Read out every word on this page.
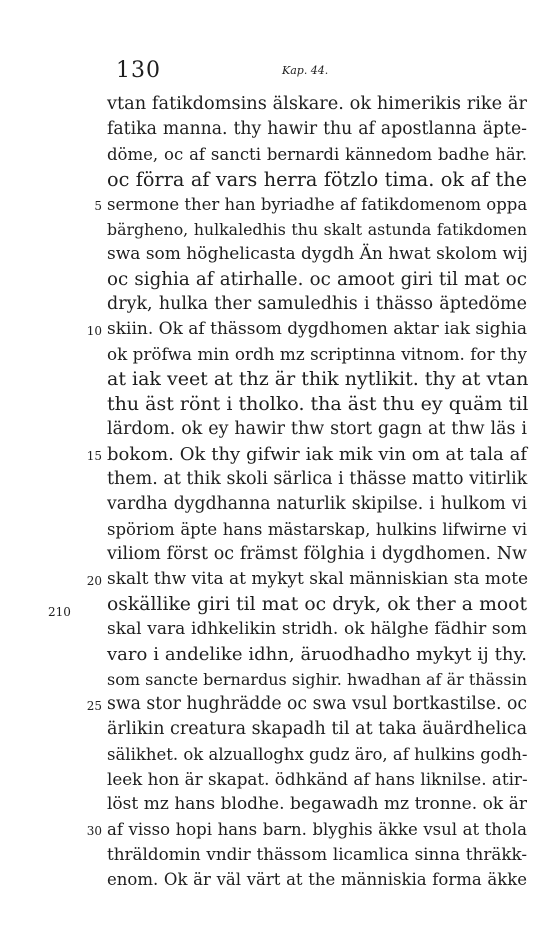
130	Kap. 44.
210
5
10
15
20
25
30
vtan fatikdomsins älskare. ok himerikis rike är
fatika manna. thy hawir thu af apostlanna äpte-
döme, oc af sancti bernardi kännedom badhe här.
oc förra af vars herra fötzlo tima. ok af the
sermone ther han byriadhe af fatikdomenom oppa
bärgheno, hulkaledhis thu skalt astunda fatikdomen
swa som höghelicasta dygdh Än hwat skolom wij
oc sighia af atirhalle. oc amoot giri til mat oc
dryk, hulka ther samuledhis i thässo äptedöme
skiin. Ok af thässom dygdhomen aktar iak sighia
ok pröfwa min ordh mz scriptinna vitnom. for thy
at iak veet at thz är thik nytlikit. thy at vtan
thu äst rönt i tholko. tha äst thu ey quäm til
lärdom. ok ey hawir thw stort gagn at thw läs i
bokom. Ok thy gifwir iak mik vin om at tala af
them. at thik skoli särlica i thässe matto vitirlik
vardha dygdhanna naturlik skipilse. i hulkom vi
spöriom äpte hans mästarskap, hulkins lifwirne vi
viliom först oc främst fölghia i dygdhomen. Nw
skalt thw vita at mykyt skal människian sta mote
oskällike giri til mat oc dryk, ok ther a moot
skal vara idhkelikin stridh. ok hälghe fädhir som
varo i andelike idhn, äruodhadho mykyt ij thy.
som sancte bernardus sighir. hwadhan af är thässin
swa stor hughrädde oc swa vsul bortkastilse. oc
ärlikin creatura skapadh til at taka äuärdhelica
sälikhet. ok alzualloghx gudz äro, af hulkins godh-
leek hon är skapat. ödhkänd af hans liknilse. atir-
löst mz hans blodhe. begawadh mz tronne. ok är
af visso hopi hans barn. blyghis äkke vsul at thola
thräldomin vndir thässom licamlica sinna thräkk-
enom. Ok är väl värt at the människia forma äkke
